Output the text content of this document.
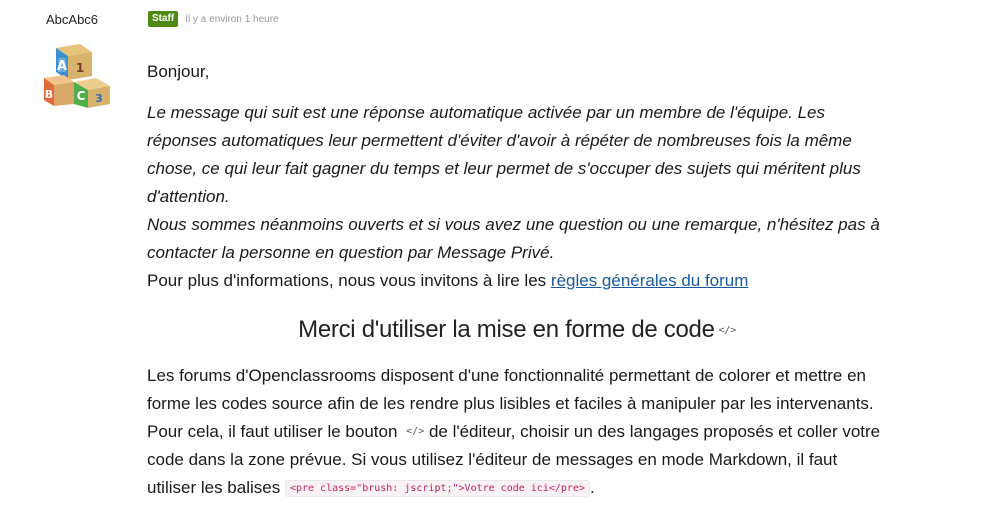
AbcAbc6
A 1
B C 3
Staff	Il y a environ 1 heure

Bonjour,

Le message qui suit est une réponse automatique activée par un membre de l'équipe. Les réponses automatiques leur permettent d'éviter d'avoir à répéter de nombreuses fois la même chose, ce qui leur fait gagner du temps et leur permet de s'occuper des sujets qui méritent plus d'attention.

Nous sommes néanmoins ouverts et si vous avez une question ou une remarque, n'hésitez pas à contacter la personne en question par Message Privé.

Pour plus d'informations, nous vous invitons à lire les règles générales du forum

Merci d'utiliser la mise en forme de code </>

Les forums d'Openclassrooms disposent d'une fonctionnalité permettant de colorer et mettre en forme les codes source afin de les rendre plus lisibles et faciles à manipuler par les intervenants. Pour cela, il faut utiliser le bouton </> de l'éditeur, choisir un des langages proposés et coller votre code dans la zone prévue. Si vous utilisez l'éditeur de messages en mode Markdown, il faut utiliser les balises <pre class="brush: jscript;">Votre code ici</pre> .
